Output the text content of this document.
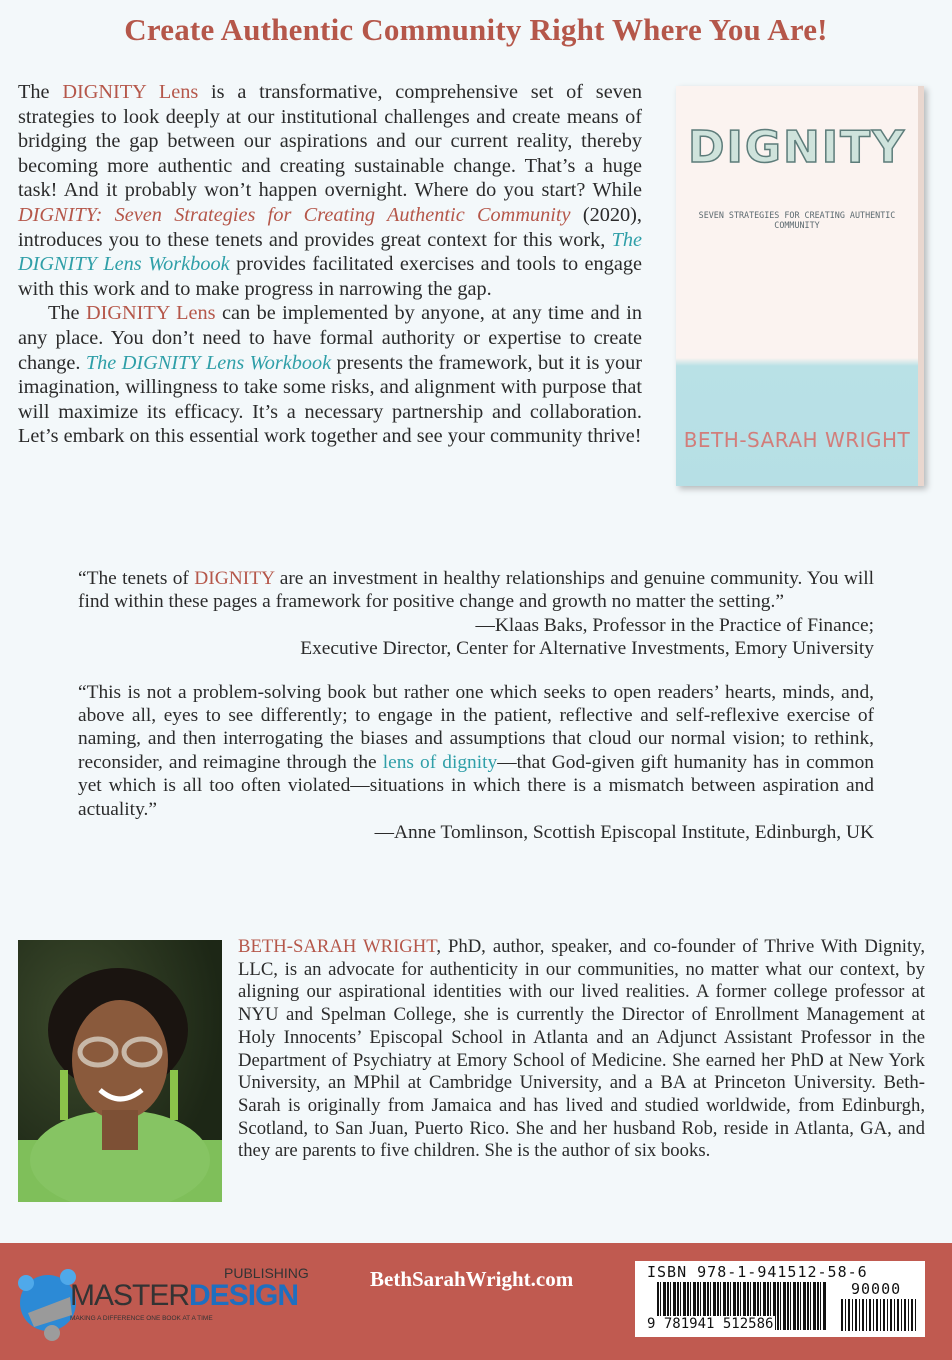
Create Authentic Community Right Where You Are!

The DIGNITY Lens is a transformative, comprehensive set of seven strategies to look deeply at our institutional challenges and create means of bridging the gap between our aspirations and our current reality, thereby becoming more authentic and creating sustainable change. That’s a huge task! And it probably won’t happen overnight. Where do you start? While DIGNITY: Seven Strategies for Creating Authentic Community (2020), introduces you to these tenets and provides great context for this work, The DIGNITY Lens Workbook provides facilitated exercises and tools to engage with this work and to make progress in narrowing the gap.

The DIGNITY Lens can be implemented by anyone, at any time and in any place. You don’t need to have formal authority or expertise to create change. The DIGNITY Lens Workbook presents the framework, but it is your imagination, willingness to take some risks, and alignment with purpose that will maximize its efficacy. It’s a necessary partnership and collaboration. Let’s embark on this essential work together and see your community thrive!

DIGNITY
SEVEN STRATEGIES FOR CREATING AUTHENTIC COMMUNITY
BETH-SARAH WRIGHT

“The tenets of DIGNITY are an investment in healthy relationships and genuine community. You will find within these pages a framework for positive change and growth no matter the setting.”

—Klaas Baks, Professor in the Practice of Finance;

Executive Director, Center for Alternative Investments, Emory University

“This is not a problem-solving book but rather one which seeks to open readers’ hearts, minds, and, above all, eyes to see differently; to engage in the patient, reflective and self-reflexive exercise of naming, and then interrogating the biases and assumptions that cloud our normal vision; to rethink, reconsider, and reimagine through the lens of dignity—that God-given gift humanity has in common yet which is all too often violated—situations in which there is a mismatch between aspiration and actuality.”

—Anne Tomlinson, Scottish Episcopal Institute, Edinburgh, UK

BETH-SARAH WRIGHT, PhD, author, speaker, and co-founder of Thrive With Dignity, LLC, is an advocate for authenticity in our communities, no matter what our context, by aligning our aspirational identities with our lived realities. A former college professor at NYU and Spelman College, she is currently the Director of Enrollment Management at Holy Innocents’ Episcopal School in Atlanta and an Adjunct Assistant Professor in the Department of Psychiatry at Emory School of Medicine. She earned her PhD at New York University, an MPhil at Cambridge University, and a BA at Princeton University. Beth-Sarah is originally from Jamaica and has lived and studied worldwide, from Edinburgh, Scotland, to San Juan, Puerto Rico. She and her husband Rob, reside in Atlanta, GA, and they are parents to five children. She is the author of six books.

PUBLISHING
MASTERDESIGN
MAKING A DIFFERENCE ONE BOOK AT A TIME
BethSarahWright.com	ISBN 978-1-941512-58-6
90000
9 781941 512586
